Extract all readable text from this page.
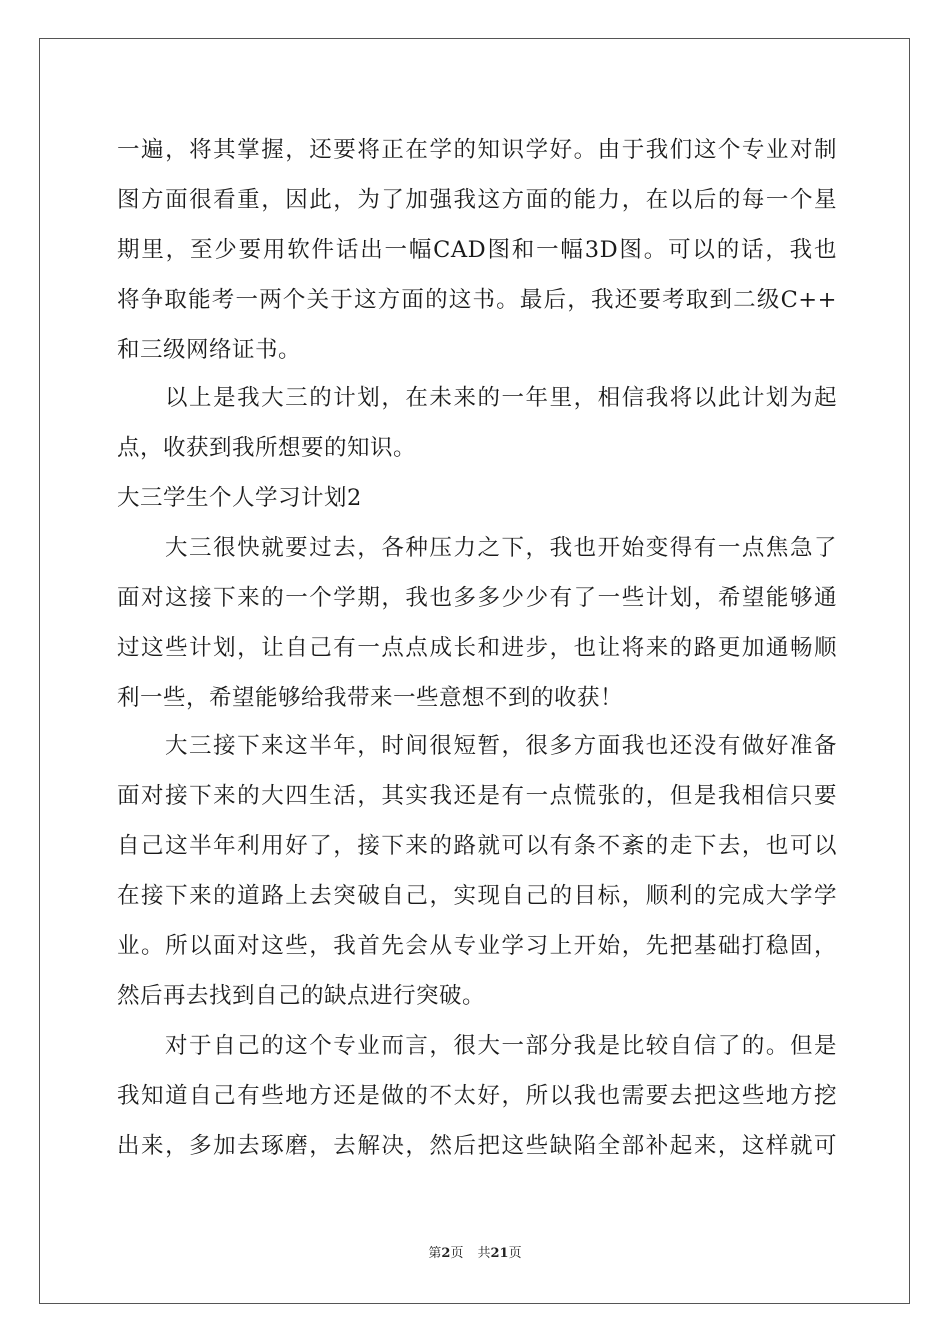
一遍，将其掌握，还要将正在学的知识学好。由于我们这个专业对制
图方面很看重，因此，为了加强我这方面的能力，在以后的每一个星
期里，至少要用软件话出一幅CAD图和一幅3D图。可以的话，我也
将争取能考一两个关于这方面的这书。最后，我还要考取到二级C++
和三级网络证书。
以上是我大三的计划，在未来的一年里，相信我将以此计划为起
点，收获到我所想要的知识。
大三学生个人学习计划2
大三很快就要过去，各种压力之下，我也开始变得有一点焦急了
面对这接下来的一个学期，我也多多少少有了一些计划，希望能够通
过这些计划，让自己有一点点成长和进步，也让将来的路更加通畅顺
利一些，希望能够给我带来一些意想不到的收获！
大三接下来这半年，时间很短暂，很多方面我也还没有做好准备
面对接下来的大四生活，其实我还是有一点慌张的，但是我相信只要
自己这半年利用好了，接下来的路就可以有条不紊的走下去，也可以
在接下来的道路上去突破自己，实现自己的目标，顺利的完成大学学
业。所以面对这些，我首先会从专业学习上开始，先把基础打稳固，
然后再去找到自己的缺点进行突破。
对于自己的这个专业而言，很大一部分我是比较自信了的。但是
我知道自己有些地方还是做的不太好，所以我也需要去把这些地方挖
出来，多加去琢磨，去解决，然后把这些缺陷全部补起来，这样就可
第2页 共21页
